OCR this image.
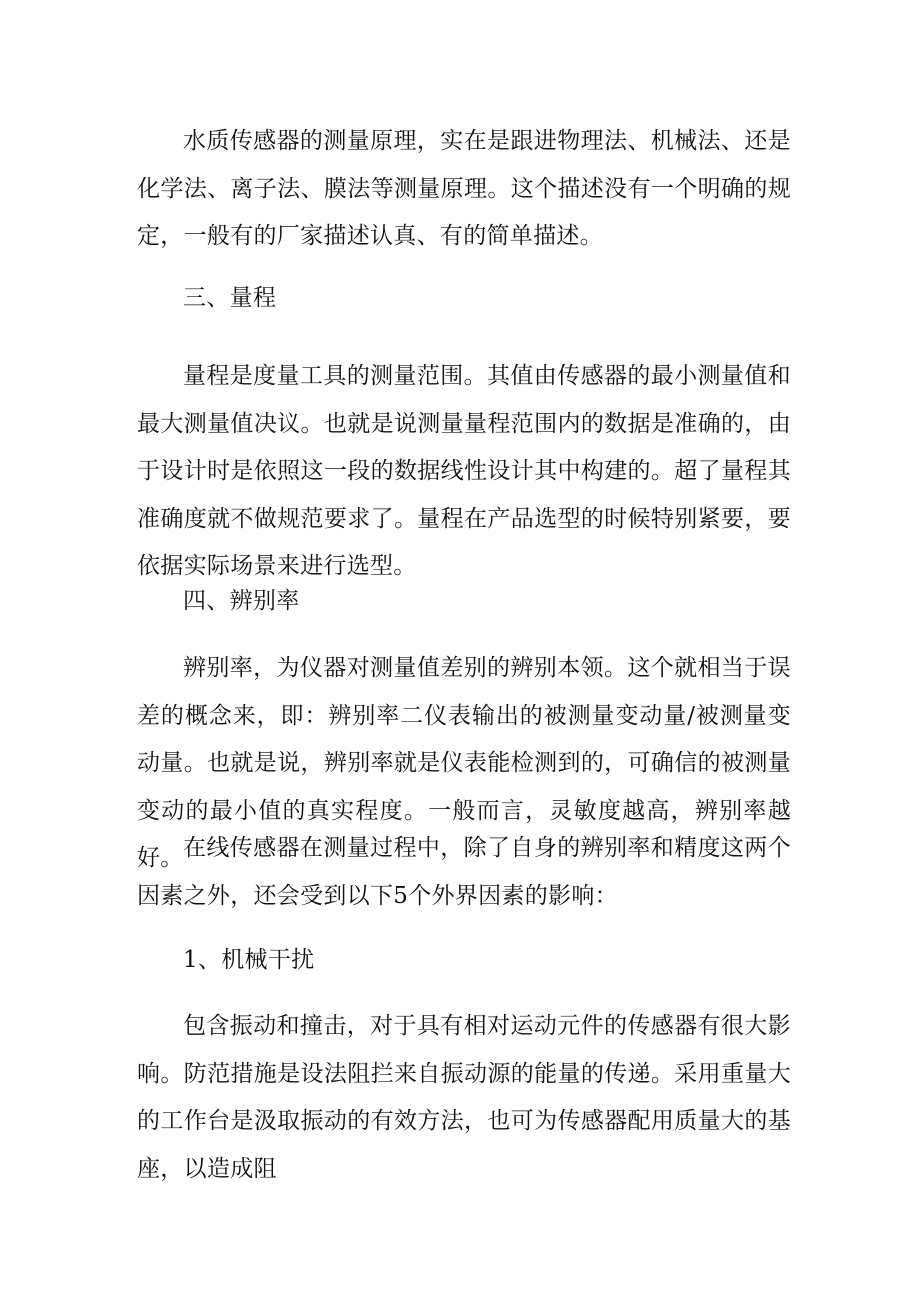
水质传感器的测量原理，实在是跟进物理法、机械法、还是化学法、离子法、膜法等测量原理。这个描述没有一个明确的规定，一般有的厂家描述认真、有的简单描述。

三、量程

量程是度量工具的测量范围。其值由传感器的最小测量值和最大测量值决议。也就是说测量量程范围内的数据是准确的，由于设计时是依照这一段的数据线性设计其中构建的。超了量程其准确度就不做规范要求了。量程在产品选型的时候特别紧要，要依据实际场景来进行选型。

四、辨别率

辨别率，为仪器对测量值差别的辨别本领。这个就相当于误差的概念来，即：辨别率二仪表输出的被测量变动量/被测量变动量。也就是说，辨别率就是仪表能检测到的，可确信的被测量变动的最小值的真实程度。一般而言，灵敏度越高，辨别率越好。 在线传感器在测量过程中，除了自身的辨别率和精度这两个因素之外，还会受到以下5个外界因素的影响：

1、机械干扰

包含振动和撞击，对于具有相对运动元件的传感器有很大影响。防范措施是设法阻拦来自振动源的能量的传递。采用重量大的工作台是汲取振动的有效方法，也可为传感器配用质量大的基座，以造成阻
